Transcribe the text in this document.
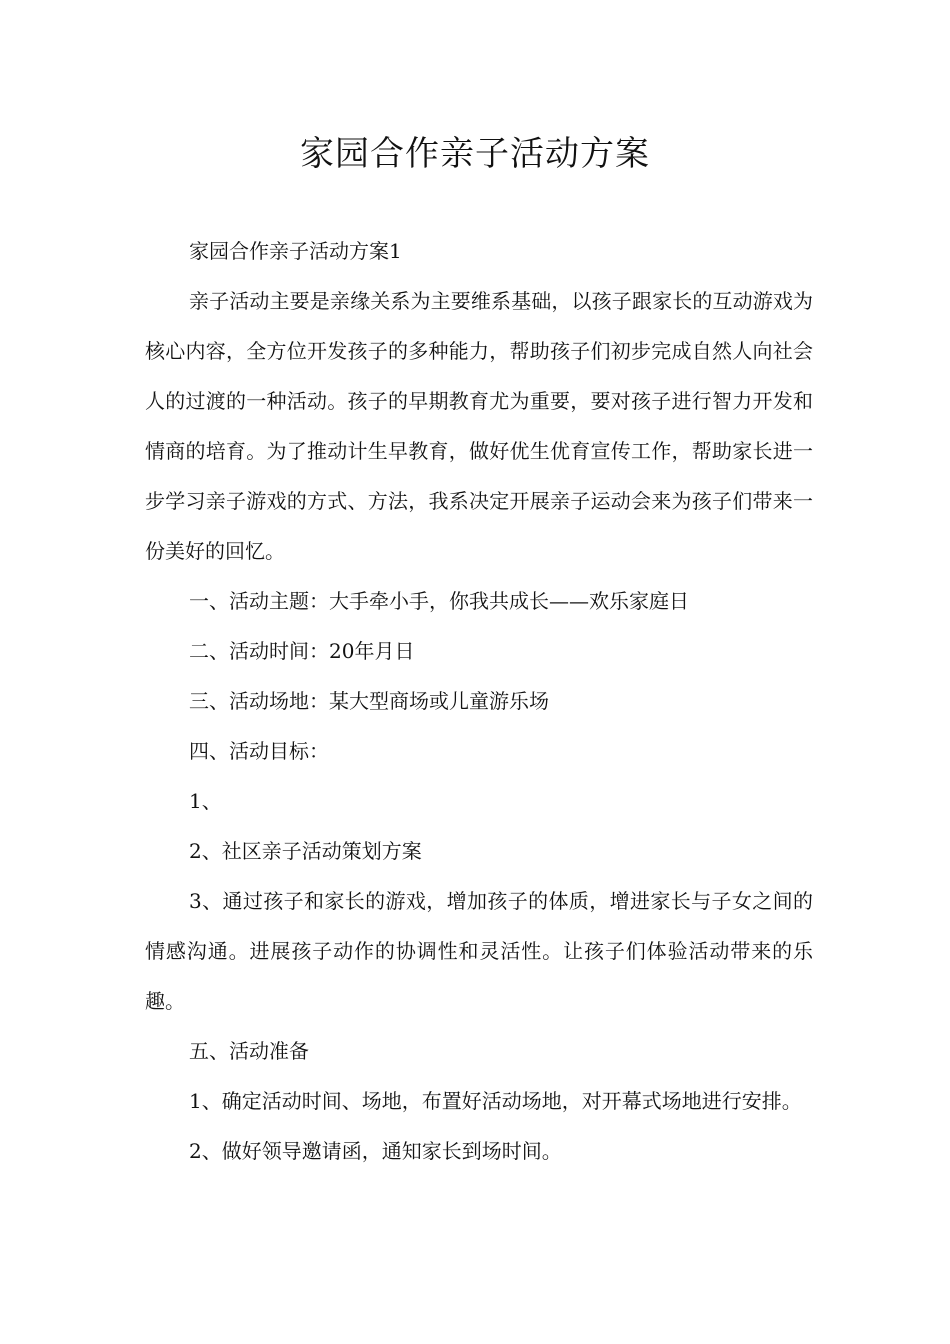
家园合作亲子活动方案

家园合作亲子活动方案1

亲子活动主要是亲缘关系为主要维系基础，以孩子跟家长的互动游戏为核心内容，全方位开发孩子的多种能力，帮助孩子们初步完成自然人向社会人的过渡的一种活动。孩子的早期教育尤为重要，要对孩子进行智力开发和情商的培育。为了推动计生早教育，做好优生优育宣传工作，帮助家长进一步学习亲子游戏的方式、方法，我系决定开展亲子运动会来为孩子们带来一份美好的回忆。

一、活动主题：大手牵小手，你我共成长——欢乐家庭日

二、活动时间：20年月日

三、活动场地：某大型商场或儿童游乐场

四、活动目标：

1、

2、社区亲子活动策划方案

3、通过孩子和家长的游戏，增加孩子的体质，增进家长与子女之间的情感沟通。进展孩子动作的协调性和灵活性。让孩子们体验活动带来的乐趣。

五、活动准备

1、确定活动时间、场地，布置好活动场地，对开幕式场地进行安排。

2、做好领导邀请函，通知家长到场时间。
